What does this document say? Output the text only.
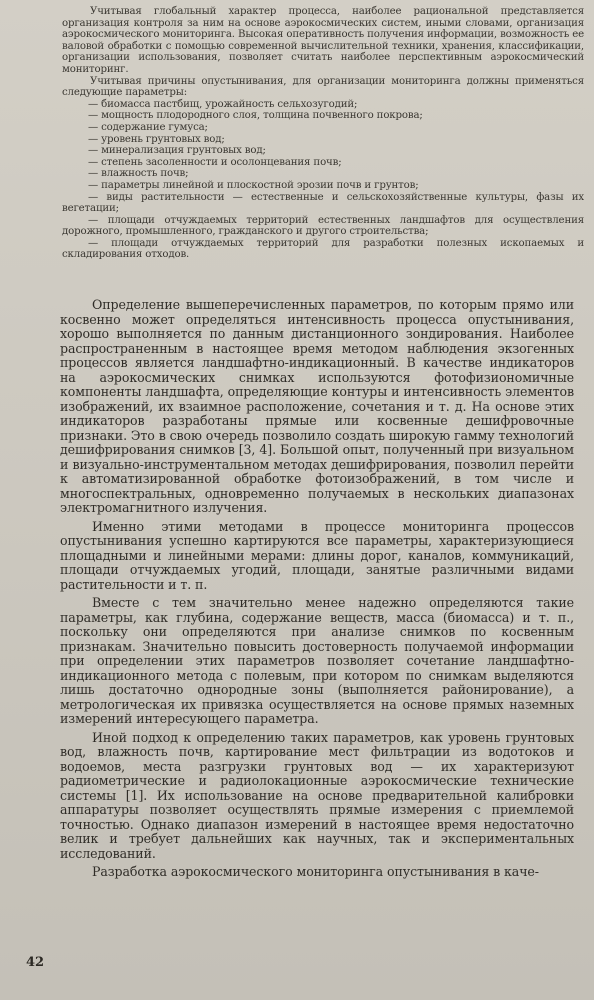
Учитывая глобальный характер процесса, наиболее рациональной представляется организация контроля за ним на основе аэрокосмических систем, иными словами, организация аэрокосмического мониторинга. Высокая оперативность получения информации, возможность ее валовой обработки с помощью современной вычислительной техники, хранения, классификации, организации использования, позволяет считать наиболее перспективным аэрокосмический мониторинг.

Учитывая причины опустынивания, для организации мониторинга должны применяться следующие параметры:

— биомасса пастбищ, урожайность сельхозугодий;

— мощность плодородного слоя, толщина почвенного покрова;

— содержание гумуса;

— уровень грунтовых вод;

— минерализация грунтовых вод;

— степень засоленности и осолонцевания почв;

— влажность почв;

— параметры линейной и плоскостной эрозии почв и грунтов;

— виды растительности — естественные и сельскохозяйственные культуры, фазы их вегетации;

— площади отчуждаемых территорий естественных ландшафтов для осуществления дорожного, промышленного, гражданского и другого строительства;

— площади отчуждаемых территорий для разработки полезных ископаемых и складирования отходов.

Определение вышеперечисленных параметров, по которым прямо или косвенно может определяться интенсивность процесса опустынивания, хорошо выполняется по данным дистанционного зондирования. Наиболее распространенным в настоящее время методом наблюдения экзогенных процессов является ландшафтно-индикационный. В качестве индикаторов на аэрокосмических снимках используются фотофизиономичные компоненты ландшафта, определяющие контуры и интенсивность элементов изображений, их взаимное расположение, сочетания и т. д. На основе этих индикаторов разработаны прямые или косвенные дешифровочные признаки. Это в свою очередь позволило создать широкую гамму технологий дешифрирования снимков [3, 4]. Большой опыт, полученный при визуальном и визуально-инструментальном методах дешифрирования, позволил перейти к автоматизированной обработке фотоизображений, в том числе и многоспектральных, одновременно получаемых в нескольких диапазонах электромагнитного излучения.

Именно этими методами в процессе мониторинга процессов опустынивания успешно картируются все параметры, характеризующиеся площадными и линейными мерами: длины дорог, каналов, коммуникаций, площади отчуждаемых угодий, площади, занятые различными видами растительности и т. п.

Вместе с тем значительно менее надежно определяются такие параметры, как глубина, содержание веществ, масса (биомасса) и т. п., поскольку они определяются при анализе снимков по косвенным признакам. Значительно повысить достоверность получаемой информации при определении этих параметров позволяет сочетание ландшафтно-индикационного метода с полевым, при котором по снимкам выделяются лишь достаточно однородные зоны (выполняется районирование), а метрологическая их привязка осуществляется на основе прямых наземных измерений интересующего параметра.

Иной подход к определению таких параметров, как уровень грунтовых вод, влажность почв, картирование мест фильтрации из водотоков и водоемов, места разгрузки грунтовых вод — их характеризуют радиометрические и радиолокационные аэрокосмические технические системы [1]. Их использование на основе предварительной калибровки аппаратуры позволяет осуществлять прямые измерения с приемлемой точностью. Однако диапазон измерений в настоящее время недостаточно велик и требует дальнейших как научных, так и экспериментальных исследований.

Разработка аэрокосмического мониторинга опустынивания в каче-

42
